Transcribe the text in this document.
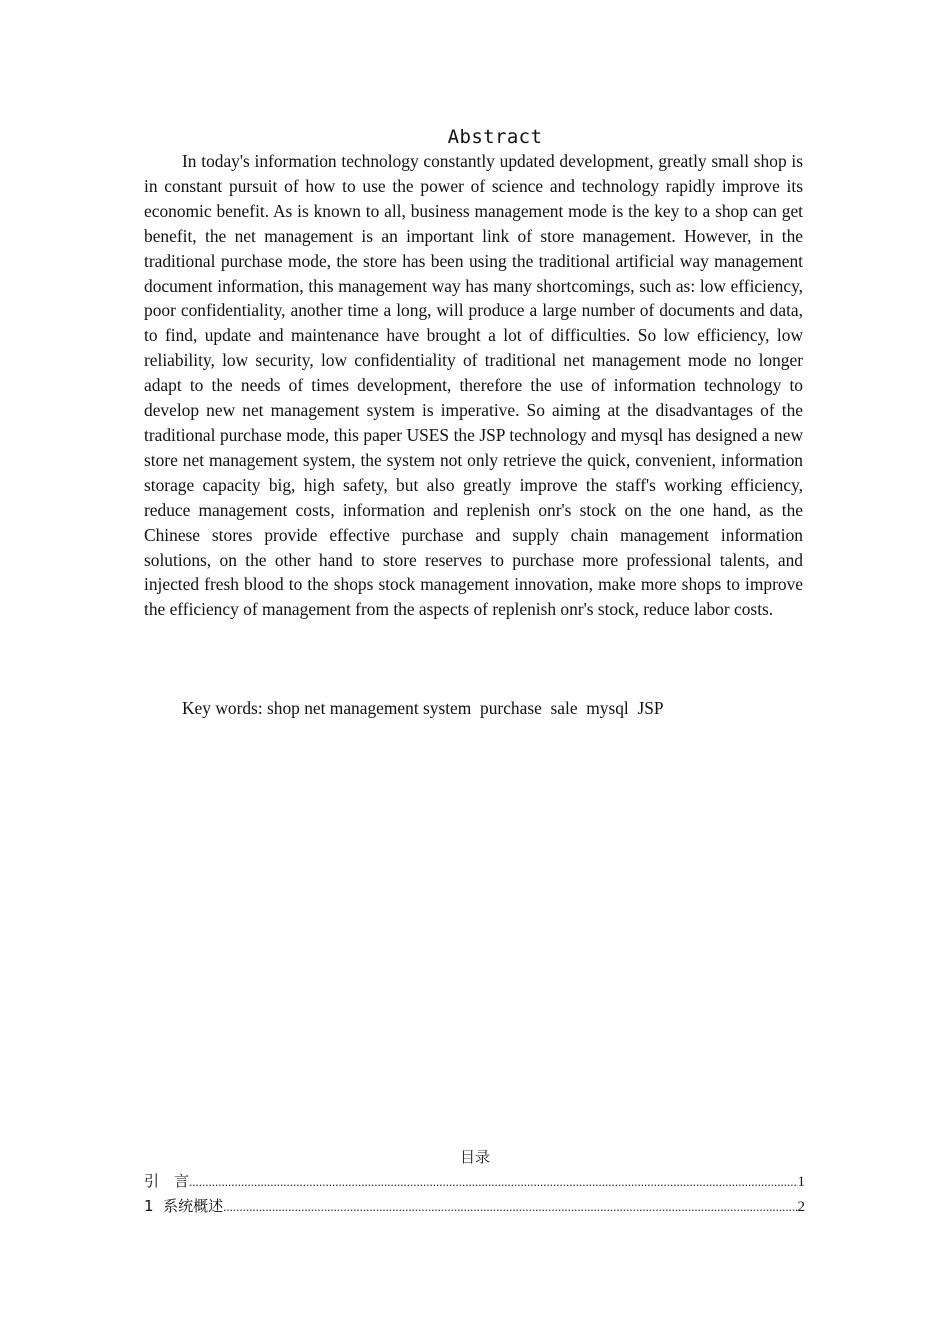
Abstract

In today's information technology constantly updated development, greatly small shop is in constant pursuit of how to use the power of science and technology rapidly improve its economic benefit. As is known to all, business management mode is the key to a shop can get benefit, the net management is an important link of store management. However, in the traditional purchase mode, the store has been using the traditional artificial way management document information, this management way has many shortcomings, such as: low efficiency, poor confidentiality, another time a long, will produce a large number of documents and data, to find, update and maintenance have brought a lot of difficulties. So low efficiency, low reliability, low security, low confidentiality of traditional net management mode no longer adapt to the needs of times development, therefore the use of information technology to develop new net management system is imperative. So aiming at the disadvantages of the traditional purchase mode, this paper USES the JSP technology and mysql has designed a new store net management system, the system not only retrieve the quick, convenient, information storage capacity big, high safety, but also greatly improve the staff's working efficiency, reduce management costs, information and replenish onr's stock on the one hand, as the Chinese stores provide effective purchase and supply chain management information solutions, on the other hand to store reserves to purchase more professional talents, and injected fresh blood to the shops stock management innovation, make more shops to improve the efficiency of management from the aspects of replenish onr's stock, reduce labor costs.

Key words: shop net management system  purchase  sale  mysql  JSP
目录
引　言 .....	1
1  系统概述 .....	2
